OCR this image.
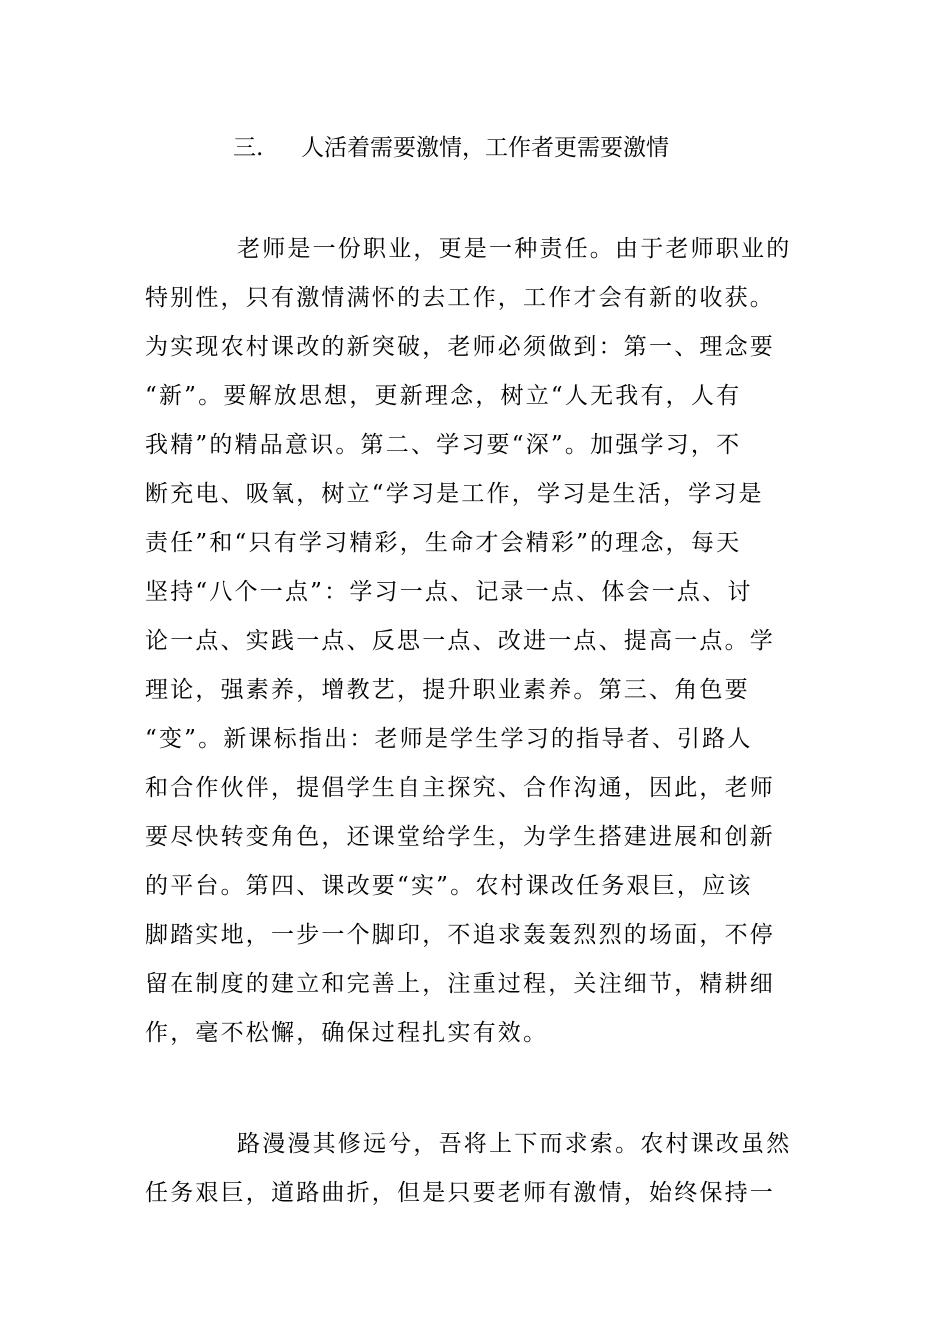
三. 人活着需要激情，工作者更需要激情
老师是一份职业，更是一种责任。由于老师职业的
特别性，只有激情满怀的去工作，工作才会有新的收获。
为实现农村课改的新突破，老师必须做到：第一、理念要
“新”。要解放思想，更新理念，树立“人无我有，人有
我精”的精品意识。第二、学习要“深”。加强学习，不
断充电、吸氧，树立“学习是工作，学习是生活，学习是
责任”和“只有学习精彩，生命才会精彩”的理念，每天
坚持“八个一点”：学习一点、记录一点、体会一点、讨
论一点、实践一点、反思一点、改进一点、提高一点。学
理论，强素养，增教艺，提升职业素养。第三、角色要
“变”。新课标指出：老师是学生学习的指导者、引路人
和合作伙伴，提倡学生自主探究、合作沟通，因此，老师
要尽快转变角色，还课堂给学生，为学生搭建进展和创新
的平台。第四、课改要“实”。农村课改任务艰巨，应该
脚踏实地，一步一个脚印，不追求轰轰烈烈的场面，不停
留在制度的建立和完善上，注重过程，关注细节，精耕细
作，毫不松懈，确保过程扎实有效。
路漫漫其修远兮，吾将上下而求索。农村课改虽然
任务艰巨，道路曲折，但是只要老师有激情，始终保持一
